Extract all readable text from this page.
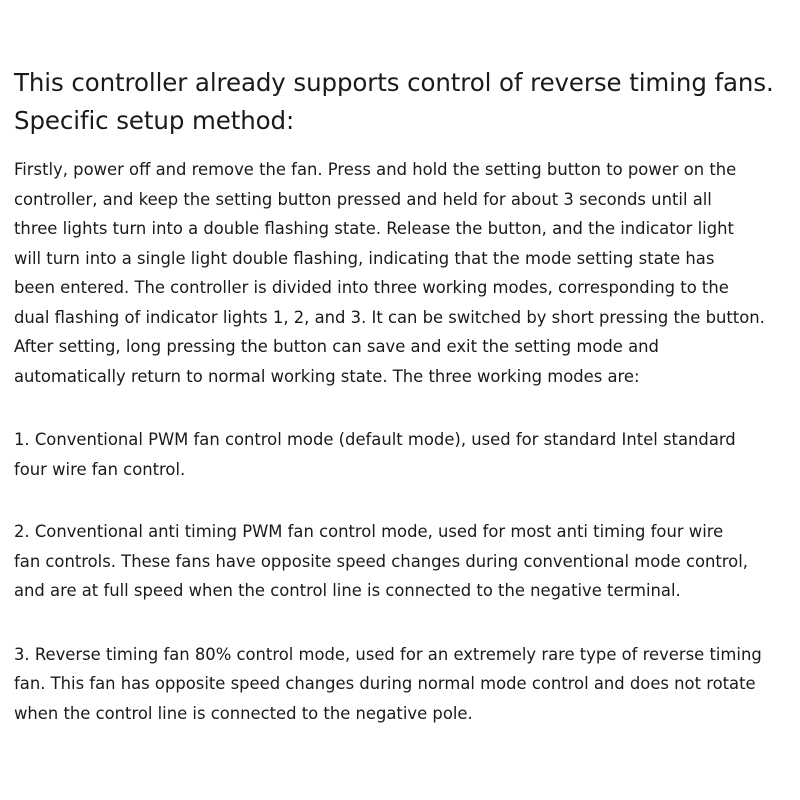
This controller already supports control of reverse timing fans.
Specific setup method:

Firstly, power off and remove the fan. Press and hold the setting button to power on the
controller, and keep the setting button pressed and held for about 3 seconds until all
three lights turn into a double flashing state. Release the button, and the indicator light
will turn into a single light double flashing, indicating that the mode setting state has
been entered. The controller is divided into three working modes, corresponding to the
dual flashing of indicator lights 1, 2, and 3. It can be switched by short pressing the button.
After setting, long pressing the button can save and exit the setting mode and
automatically return to normal working state. The three working modes are:

1. Conventional PWM fan control mode (default mode), used for standard Intel standard
four wire fan control.

2. Conventional anti timing PWM fan control mode, used for most anti timing four wire
fan controls. These fans have opposite speed changes during conventional mode control,
and are at full speed when the control line is connected to the negative terminal.

3. Reverse timing fan 80% control mode, used for an extremely rare type of reverse timing
fan. This fan has opposite speed changes during normal mode control and does not rotate
when the control line is connected to the negative pole.
